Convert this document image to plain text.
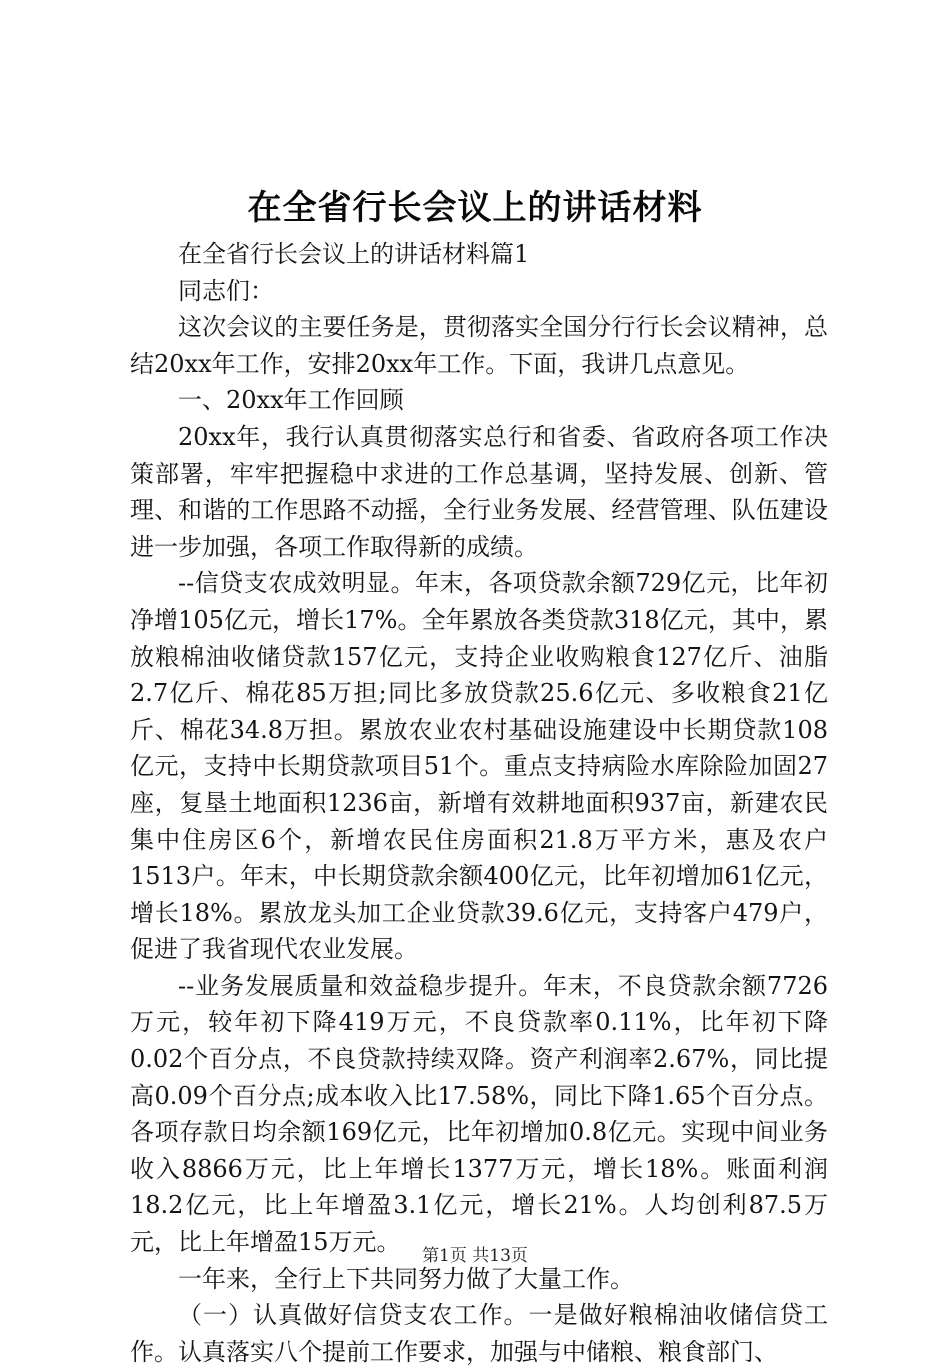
在全省行长会议上的讲话材料

在全省行长会议上的讲话材料篇1

同志们：

这次会议的主要任务是，贯彻落实全国分行行长会议精神，总结20xx年工作，安排20xx年工作。下面，我讲几点意见。

一、20xx年工作回顾

20xx年，我行认真贯彻落实总行和省委、省政府各项工作决策部署，牢牢把握稳中求进的工作总基调，坚持发展、创新、管理、和谐的工作思路不动摇，全行业务发展、经营管理、队伍建设进一步加强，各项工作取得新的成绩。

--信贷支农成效明显。年末，各项贷款余额729亿元，比年初净增105亿元，增长17%。全年累放各类贷款318亿元，其中，累放粮棉油收储贷款157亿元，支持企业收购粮食127亿斤、油脂2.7亿斤、棉花85万担;同比多放贷款25.6亿元、多收粮食21亿斤、棉花34.8万担。累放农业农村基础设施建设中长期贷款108亿元，支持中长期贷款项目51个。重点支持病险水库除险加固27座，复垦土地面积1236亩，新增有效耕地面积937亩，新建农民集中住房区6个，新增农民住房面积21.8万平方米，惠及农户1513户。年末，中长期贷款余额400亿元，比年初增加61亿元，增长18%。累放龙头加工企业贷款39.6亿元，支持客户479户，促进了我省现代农业发展。

--业务发展质量和效益稳步提升。年末，不良贷款余额7726万元，较年初下降419万元，不良贷款率0.11%，比年初下降0.02个百分点，不良贷款持续双降。资产利润率2.67%，同比提高0.09个百分点;成本收入比17.58%，同比下降1.65个百分点。各项存款日均余额169亿元，比年初增加0.8亿元。实现中间业务收入8866万元，比上年增长1377万元，增长18%。账面利润18.2亿元，比上年增盈3.1亿元，增长21%。人均创利87.5万元，比上年增盈15万元。

一年来，全行上下共同努力做了大量工作。

（一）认真做好信贷支农工作。一是做好粮棉油收储信贷工作。认真落实八个提前工作要求，加强与中储粮、粮食部门、

第1页 共13页
